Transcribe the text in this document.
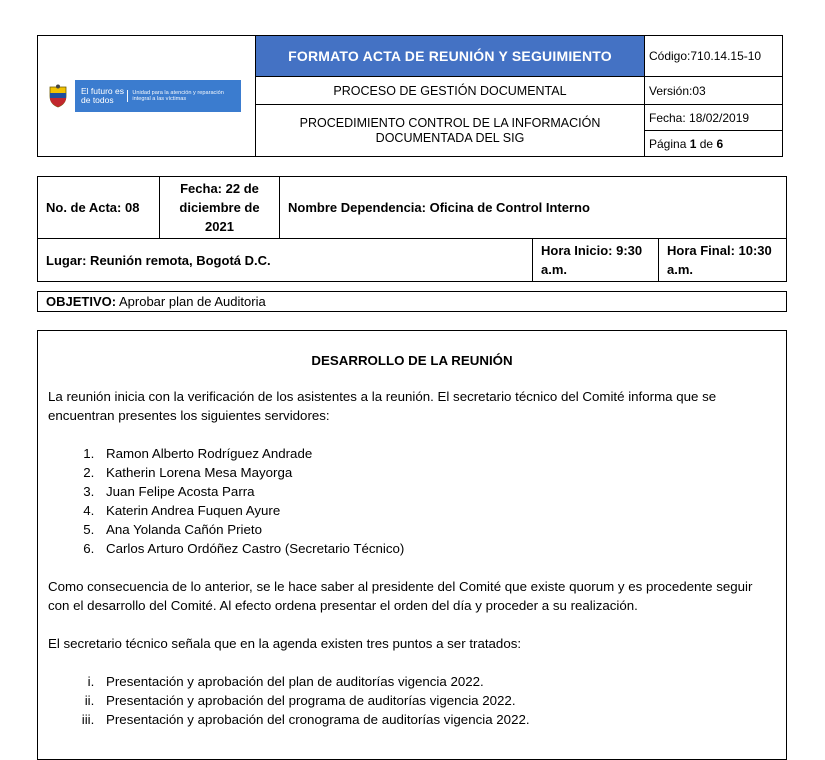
El futuro es de todos
Unidad para la atención y reparación integral a las víctimas	FORMATO ACTA DE REUNIÓN Y SEGUIMIENTO	Código:710.14.15-10
	PROCESO DE GESTIÓN DOCUMENTAL	Versión:03
	PROCEDIMIENTO CONTROL DE LA INFORMACIÓN DOCUMENTADA DEL SIG	Fecha: 18/02/2019
		Página 1 de 6
No. de Acta: 08	Fecha: 22 de diciembre de 2021	Nombre Dependencia: Oficina de Control Interno		
Lugar: Reunión remota, Bogotá D.C.			Hora Inicio: 9:30 a.m.	Hora Final: 10:30 a.m.
OBJETIVO: Aprobar plan de Auditoria
DESARROLLO DE LA REUNIÓN

La reunión inicia con la verificación de los asistentes a la reunión. El secretario técnico del Comité informa que se encuentran presentes los siguientes servidores:

1. Ramon Alberto Rodríguez Andrade
2. Katherin Lorena Mesa Mayorga
3. Juan Felipe Acosta Parra
4. Katerin Andrea Fuquen Ayure
5. Ana Yolanda Cañón Prieto
6. Carlos Arturo Ordóñez Castro (Secretario Técnico)

Como consecuencia de lo anterior, se le hace saber al presidente del Comité que existe quorum y es procedente seguir con el desarrollo del Comité. Al efecto ordena presentar el orden del día y proceder a su realización.

El secretario técnico señala que en la agenda existen tres puntos a ser tratados:

i. Presentación y aprobación del plan de auditorías vigencia 2022.
ii. Presentación y aprobación del programa de auditorías vigencia 2022.
iii. Presentación y aprobación del cronograma de auditorías vigencia 2022.
